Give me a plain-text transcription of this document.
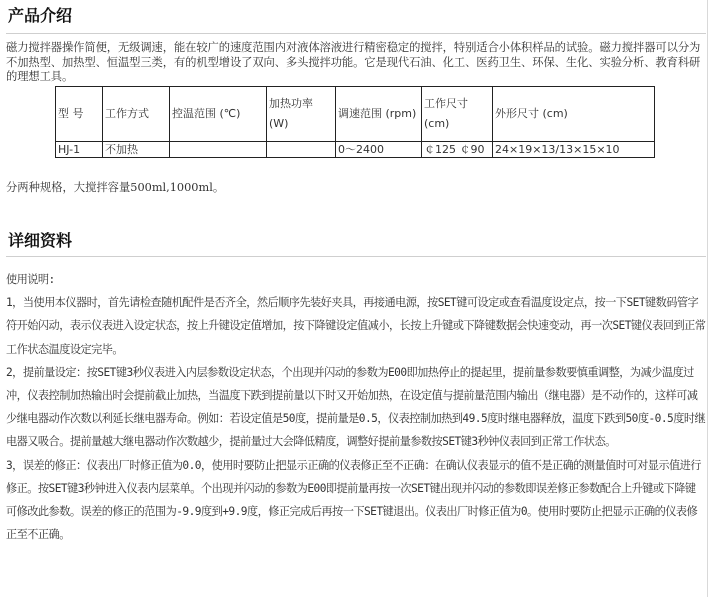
产品介绍

磁力搅拌器操作简便，无级调速，能在较广的速度范围内对液体溶液进行精密稳定的搅拌，特别适合小体积样品的试验。磁力搅拌器可以分为不加热型、加热型、恒温型三类，有的机型增设了双向、多头搅拌功能。它是现代石油、化工、医药卫生、环保、生化、实验分析、教育科研的理想工具。

型 号	工作方式	控温范围 (℃)	加热功率 (W)	调速范围 (rpm)	工作尺寸 (cm)	外形尺寸 (cm)
HJ-1	不加热			0～2400	￠125 ￠90	24×19×13/13×15×10

分两种规格，大搅拌容量500ml,1000ml。

详细资料

使用说明:

1，当使用本仪器时，首先请检查随机配件是否齐全，然后顺序先装好夹具，再接通电源，按SET键可设定或查看温度设定点，按一下SET键数码管字符开始闪动，表示仪表进入设定状态，按上升键设定值增加，按下降键设定值减小，长按上升键或下降键数据会快速变动，再一次SET键仪表回到正常工作状态温度设定完毕。

2，提前量设定：按SET键3秒仪表进入内层参数设定状态，个出现并闪动的参数为E00即加热停止的提起里，提前量参数要慎重调整，为减少温度过冲，仪表控制加热输出时会提前截止加热，当温度下跌到提前量以下时又开始加热，在设定值与提前量范围内输出（继电器）是不动作的，这样可减少继电器动作次数以利延长继电器寿命。例如：若设定值是50度，提前量是0.5，仪表控制加热到49.5度时继电器释放，温度下跌到50度-0.5度时继电器又吸合。提前量越大继电器动作次数越少，提前量过大会降低精度，调整好提前量参数按SET键3秒钟仪表回到正常工作状态。

3，误差的修正：仪表出厂时修正值为0.0，使用时要防止把显示正确的仪表修正至不正确：在确认仪表显示的值不是正确的测量值时可对显示值进行修正。按SET键3秒钟进入仪表内层菜单。个出现并闪动的参数为E00即提前量再按一次SET键出现并闪动的参数即误差修正参数配合上升键或下降键可修改此参数。误差的修正的范围为-9.9度到+9.9度，修正完成后再按一下SET键退出。仪表出厂时修正值为0。使用时要防止把显示正确的仪表修正至不正确。
